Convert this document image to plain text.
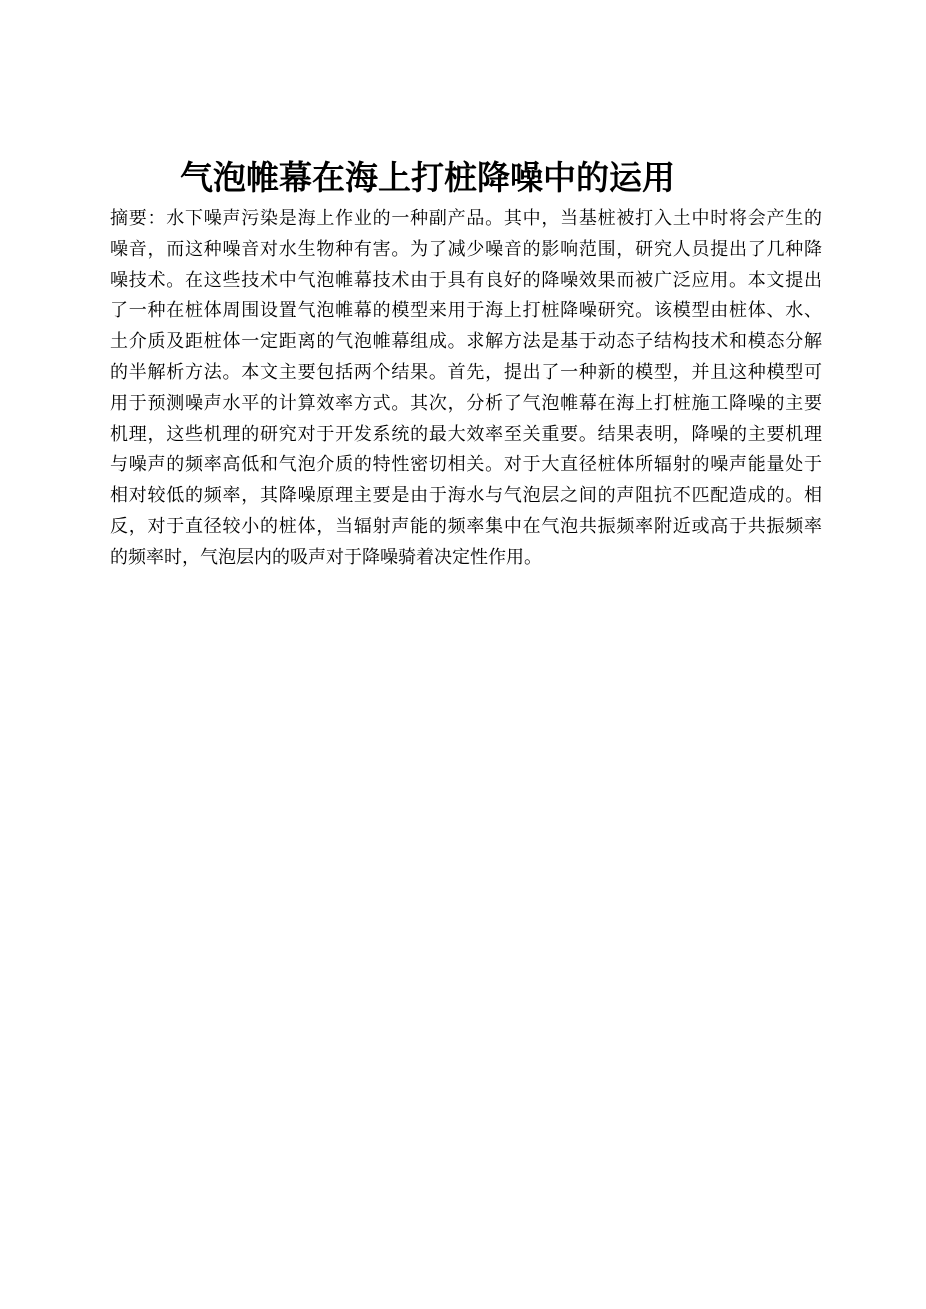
气泡帷幕在海上打桩降噪中的运用
摘要：水下噪声污染是海上作业的一种副产品。其中，当基桩被打入土中时将会产生的
噪音，而这种噪音对水生物种有害。为了减少噪音的影响范围，研究人员提出了几种降
噪技术。在这些技术中气泡帷幕技术由于具有良好的降噪效果而被广泛应用。本文提出
了一种在桩体周围设置气泡帷幕的模型来用于海上打桩降噪研究。该模型由桩体、水、
土介质及距桩体一定距离的气泡帷幕组成。求解方法是基于动态子结构技术和模态分解
的半解析方法。本文主要包括两个结果。首先，提出了一种新的模型，并且这种模型可
用于预测噪声水平的计算效率方式。其次，分析了气泡帷幕在海上打桩施工降噪的主要
机理，这些机理的研究对于开发系统的最大效率至关重要。结果表明，降噪的主要机理
与噪声的频率高低和气泡介质的特性密切相关。对于大直径桩体所辐射的噪声能量处于
相对较低的频率，其降噪原理主要是由于海水与气泡层之间的声阻抗不匹配造成的。相
反，对于直径较小的桩体，当辐射声能的频率集中在气泡共振频率附近或高于共振频率
的频率时，气泡层内的吸声对于降噪骑着决定性作用。
